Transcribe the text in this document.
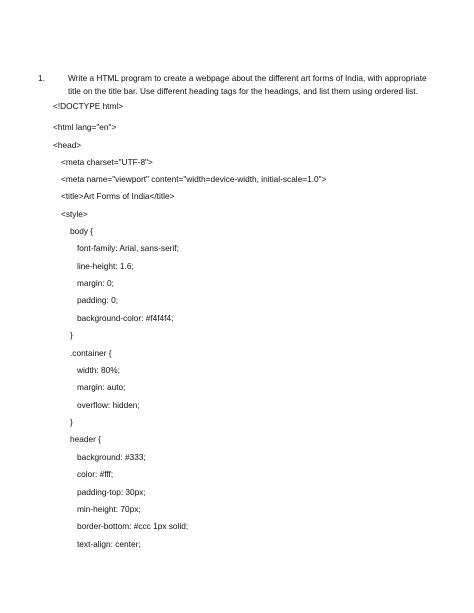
1.	Write a HTML program to create a webpage about the different art forms of India, with appropriate title on the title bar. Use different heading tags for the headings, and list them using ordered list.
<!DOCTYPE html>
<html lang="en">
<head>
<meta charset="UTF-8">
<meta name="viewport" content="width=device-width, initial-scale=1.0">
<title>Art Forms of India</title>
<style>
body {
font-family: Arial, sans-serif;
line-height: 1.6;
margin: 0;
padding: 0;
background-color: #f4f4f4;
}
.container {
width: 80%;
margin: auto;
overflow: hidden;
}
header {
background: #333;
color: #fff;
padding-top: 30px;
min-height: 70px;
border-bottom: #ccc 1px solid;
text-align: center;
